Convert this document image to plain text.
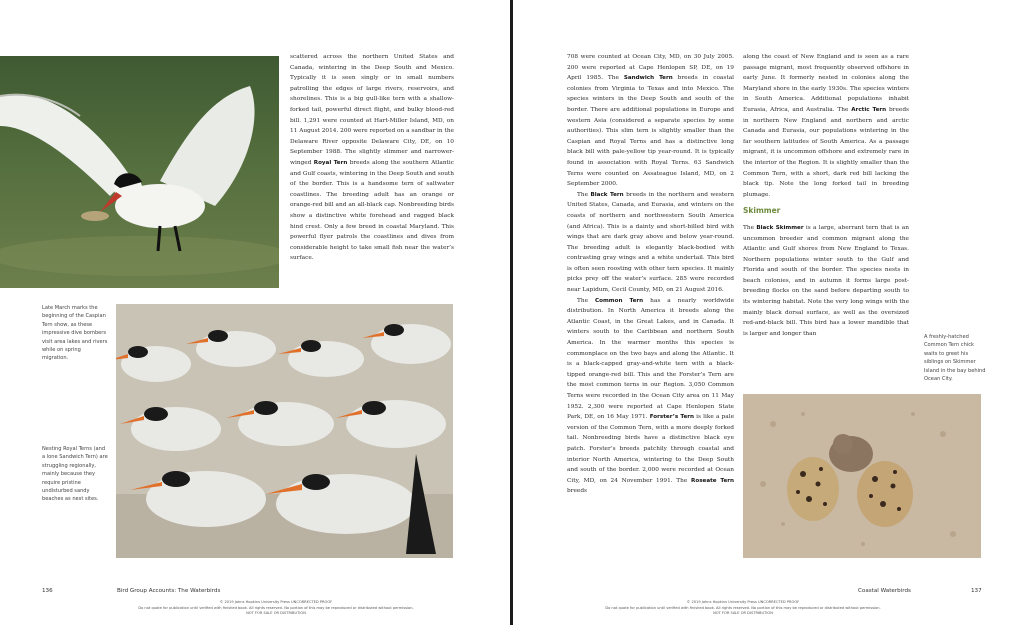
scattered across the northern United States and Canada, wintering in the Deep South and Mexico. Typically it is seen singly or in small numbers patrolling the edges of large rivers, reservoirs, and shorelines. This is a big gull-like tern with a shallow-forked tail, powerful direct flight, and bulky blood-red bill. 1,291 were counted at Hart-Miller Island, MD, on 11 August 2014. 200 were reported on a sandbar in the Delaware River opposite Delaware City, DE, on 10 September 1988. The slightly slimmer and narrower-winged Royal Tern breeds along the southern Atlantic and Gulf coasts, wintering in the Deep South and south of the border. This is a handsome tern of saltwater coastlines. The breeding adult has an orange or orange-red bill and an all-black cap. Nonbreeding birds show a distinctive white forehead and ragged black hind crest. Only a few breed in coastal Maryland. This powerful flyer patrols the coastlines and dives from considerable height to take small fish near the water’s surface.

Late March marks the beginning of the Caspian Tern show, as these impressive dive bombers visit area lakes and rivers while on spring migration.
Nesting Royal Terns (and a lone Sandwich Tern) are struggling regionally, mainly because they require pristine undisturbed sandy beaches as nest sites.
136	Bird Group Accounts: The Waterbirds
© 2019 Johns Hopkins University Press UNCORRECTED PROOF
Do not quote for publication until verified with finished book. All rights reserved. No portion of this may be reproduced or distributed without permission.
NOT FOR SALE OR DISTRIBUTION

708 were counted at Ocean City, MD, on 30 July 2005. 200 were reported at Cape Henlopen SP, DE, on 19 April 1985. The Sandwich Tern breeds in coastal colonies from Virginia to Texas and into Mexico. The species winters in the Deep South and south of the border. There are additional populations in Europe and western Asia (considered a separate species by some authorities). This slim tern is slightly smaller than the Caspian and Royal Terns and has a distinctive long black bill with pale-yellow tip year-round. It is typically found in association with Royal Terns. 63 Sandwich Terns were counted on Assateague Island, MD, on 2 September 2000.

The Black Tern breeds in the northern and western United States, Canada, and Eurasia, and winters on the coasts of northern and northwestern South America (and Africa). This is a dainty and short-billed bird with wings that are dark gray above and below year-round. The breeding adult is elegantly black-bodied with contrasting gray wings and a white undertail. This bird is often seen roosting with other tern species. It mainly picks prey off the water’s surface. 285 were recorded near Lapidum, Cecil County, MD, on 21 August 2016.

The Common Tern has a nearly worldwide distribution. In North America it breeds along the Atlantic Coast, in the Great Lakes, and in Canada. It winters south to the Caribbean and northern South America. In the warmer months this species is commonplace on the two bays and along the Atlantic. It is a black-capped gray-and-white tern with a black-tipped orange-red bill. This and the Forster’s Tern are the most common terns in our Region. 3,050 Common Terns were recorded in the Ocean City area on 11 May 1952. 2,300 were reported at Cape Henlopen State Park, DE, on 16 May 1971. Forster’s Tern is like a pale version of the Common Tern, with a more deeply forked tail. Nonbreeding birds have a distinctive black eye patch. Forster’s breeds patchily through coastal and interior North America, wintering to the Deep South and south of the border. 2,000 were recorded at Ocean City, MD, on 24 November 1991. The Roseate Tern breeds

along the coast of New England and is seen as a rare passage migrant, most frequently observed offshore in early June. It formerly nested in colonies along the Maryland shore in the early 1930s. The species winters in South America. Additional populations inhabit Eurasia, Africa, and Australia. The Arctic Tern breeds in northern New England and northern and arctic Canada and Eurasia, our populations wintering in the far southern latitudes of South America. As a passage migrant, it is uncommon offshore and extremely rare in the interior of the Region. It is slightly smaller than the Common Tern, with a short, dark red bill lacking the black tip. Note the long forked tail in breeding plumage.

Skimmer

The Black Skimmer is a large, aberrant tern that is an uncommon breeder and common migrant along the Atlantic and Gulf shores from New England to Texas. Northern populations winter south to the Gulf and Florida and south of the border. The species nests in beach colonies, and in autumn it forms large post-breeding flocks on the sand before departing south to its wintering habitat. Note the very long wings with the mainly black dorsal surface, as well as the oversized red-and-black bill. This bird has a lower mandible that is larger and longer than

A freshly-hatched Common Tern chick waits to greet his siblings on Skimmer Island in the bay behind Ocean City.
Coastal Waterbirds	137
© 2019 Johns Hopkins University Press UNCORRECTED PROOF
Do not quote for publication until verified with finished book. All rights reserved. No portion of this may be reproduced or distributed without permission.
NOT FOR SALE OR DISTRIBUTION
